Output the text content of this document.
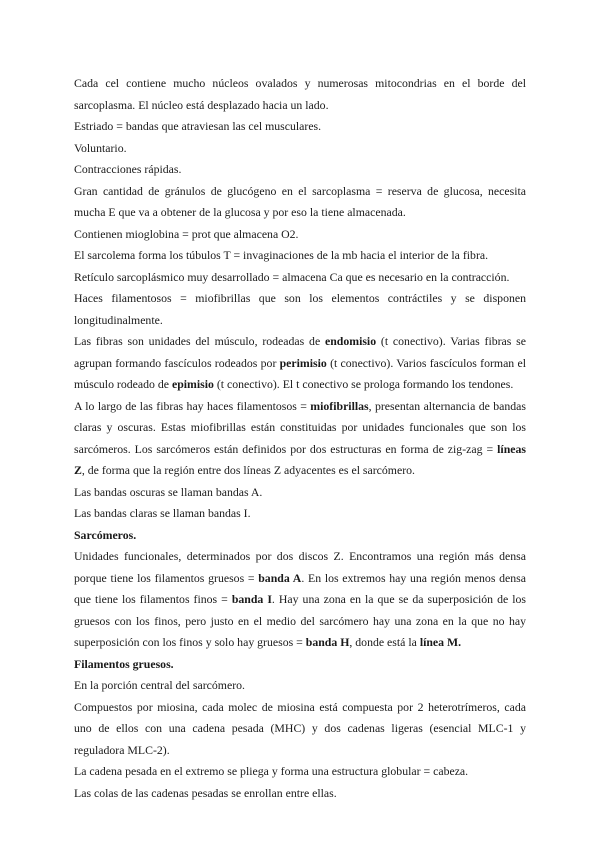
Cada cel contiene mucho núcleos ovalados y numerosas mitocondrias en el borde del sarcoplasma. El núcleo está desplazado hacia un lado.

Estriado = bandas que atraviesan las cel musculares.

Voluntario.

Contracciones rápidas.

Gran cantidad de gránulos de glucógeno en el sarcoplasma = reserva de glucosa, necesita mucha E que va a obtener de la glucosa y por eso la tiene almacenada.

Contienen mioglobina = prot que almacena O2.

El sarcolema forma los túbulos T = invaginaciones de la mb hacia el interior de la fibra.

Retículo sarcoplásmico muy desarrollado = almacena Ca que es necesario en la contracción.

Haces filamentosos = miofibrillas que son los elementos contráctiles y se disponen longitudinalmente.

Las fibras son unidades del músculo, rodeadas de endomisio (t conectivo). Varias fibras se agrupan formando fascículos rodeados por perimisio (t conectivo). Varios fascículos forman el músculo rodeado de epimisio (t conectivo). El t conectivo se prologa formando los tendones.

A lo largo de las fibras hay haces filamentosos = miofibrillas, presentan alternancia de bandas claras y oscuras. Estas miofibrillas están constituidas por unidades funcionales que son los sarcómeros. Los sarcómeros están definidos por dos estructuras en forma de zig-zag = líneas Z, de forma que la región entre dos líneas Z adyacentes es el sarcómero.

Las bandas oscuras se llaman bandas A.

Las bandas claras se llaman bandas I.

Sarcómeros.

Unidades funcionales, determinados por dos discos Z. Encontramos una región más densa porque tiene los filamentos gruesos = banda A. En los extremos hay una región menos densa que tiene los filamentos finos = banda I. Hay una zona en la que se da superposición de los gruesos con los finos, pero justo en el medio del sarcómero hay una zona en la que no hay superposición con los finos y solo hay gruesos = banda H, donde está la línea M.

Filamentos gruesos.

En la porción central del sarcómero.

Compuestos por miosina, cada molec de miosina está compuesta por 2 heterotrímeros, cada uno de ellos con una cadena pesada (MHC) y dos cadenas ligeras (esencial MLC-1 y reguladora MLC-2).

La cadena pesada en el extremo se pliega y forma una estructura globular = cabeza.

Las colas de las cadenas pesadas se enrollan entre ellas.
